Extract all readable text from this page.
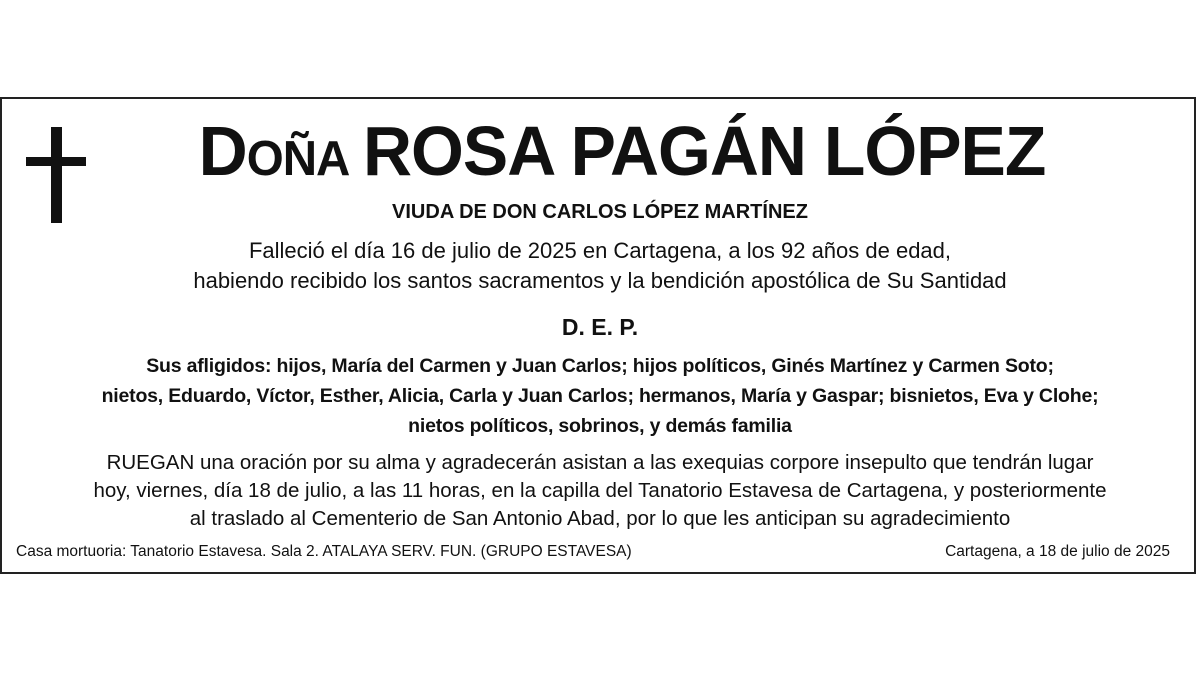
Doña ROSA PAGÁN LÓPEZ
VIUDA DE DON CARLOS LÓPEZ MARTÍNEZ
Falleció el día 16 de julio de 2025 en Cartagena, a los 92 años de edad,
habiendo recibido los santos sacramentos y la bendición apostólica de Su Santidad
D. E. P.
Sus afligidos: hijos, María del Carmen y Juan Carlos; hijos políticos, Ginés Martínez y Carmen Soto;
nietos, Eduardo, Víctor, Esther, Alicia, Carla y Juan Carlos; hermanos, María y Gaspar; bisnietos, Eva y Clohe;
nietos políticos, sobrinos, y demás familia
RUEGAN una oración por su alma y agradecerán asistan a las exequias corpore insepulto que tendrán lugar
hoy, viernes, día 18 de julio, a las 11 horas, en la capilla del Tanatorio Estavesa de Cartagena, y posteriormente
al traslado al Cementerio de San Antonio Abad, por lo que les anticipan su agradecimiento
Casa mortuoria: Tanatorio Estavesa. Sala 2. ATALAYA SERV. FUN. (GRUPO ESTAVESA)	Cartagena, a 18 de julio de 2025
